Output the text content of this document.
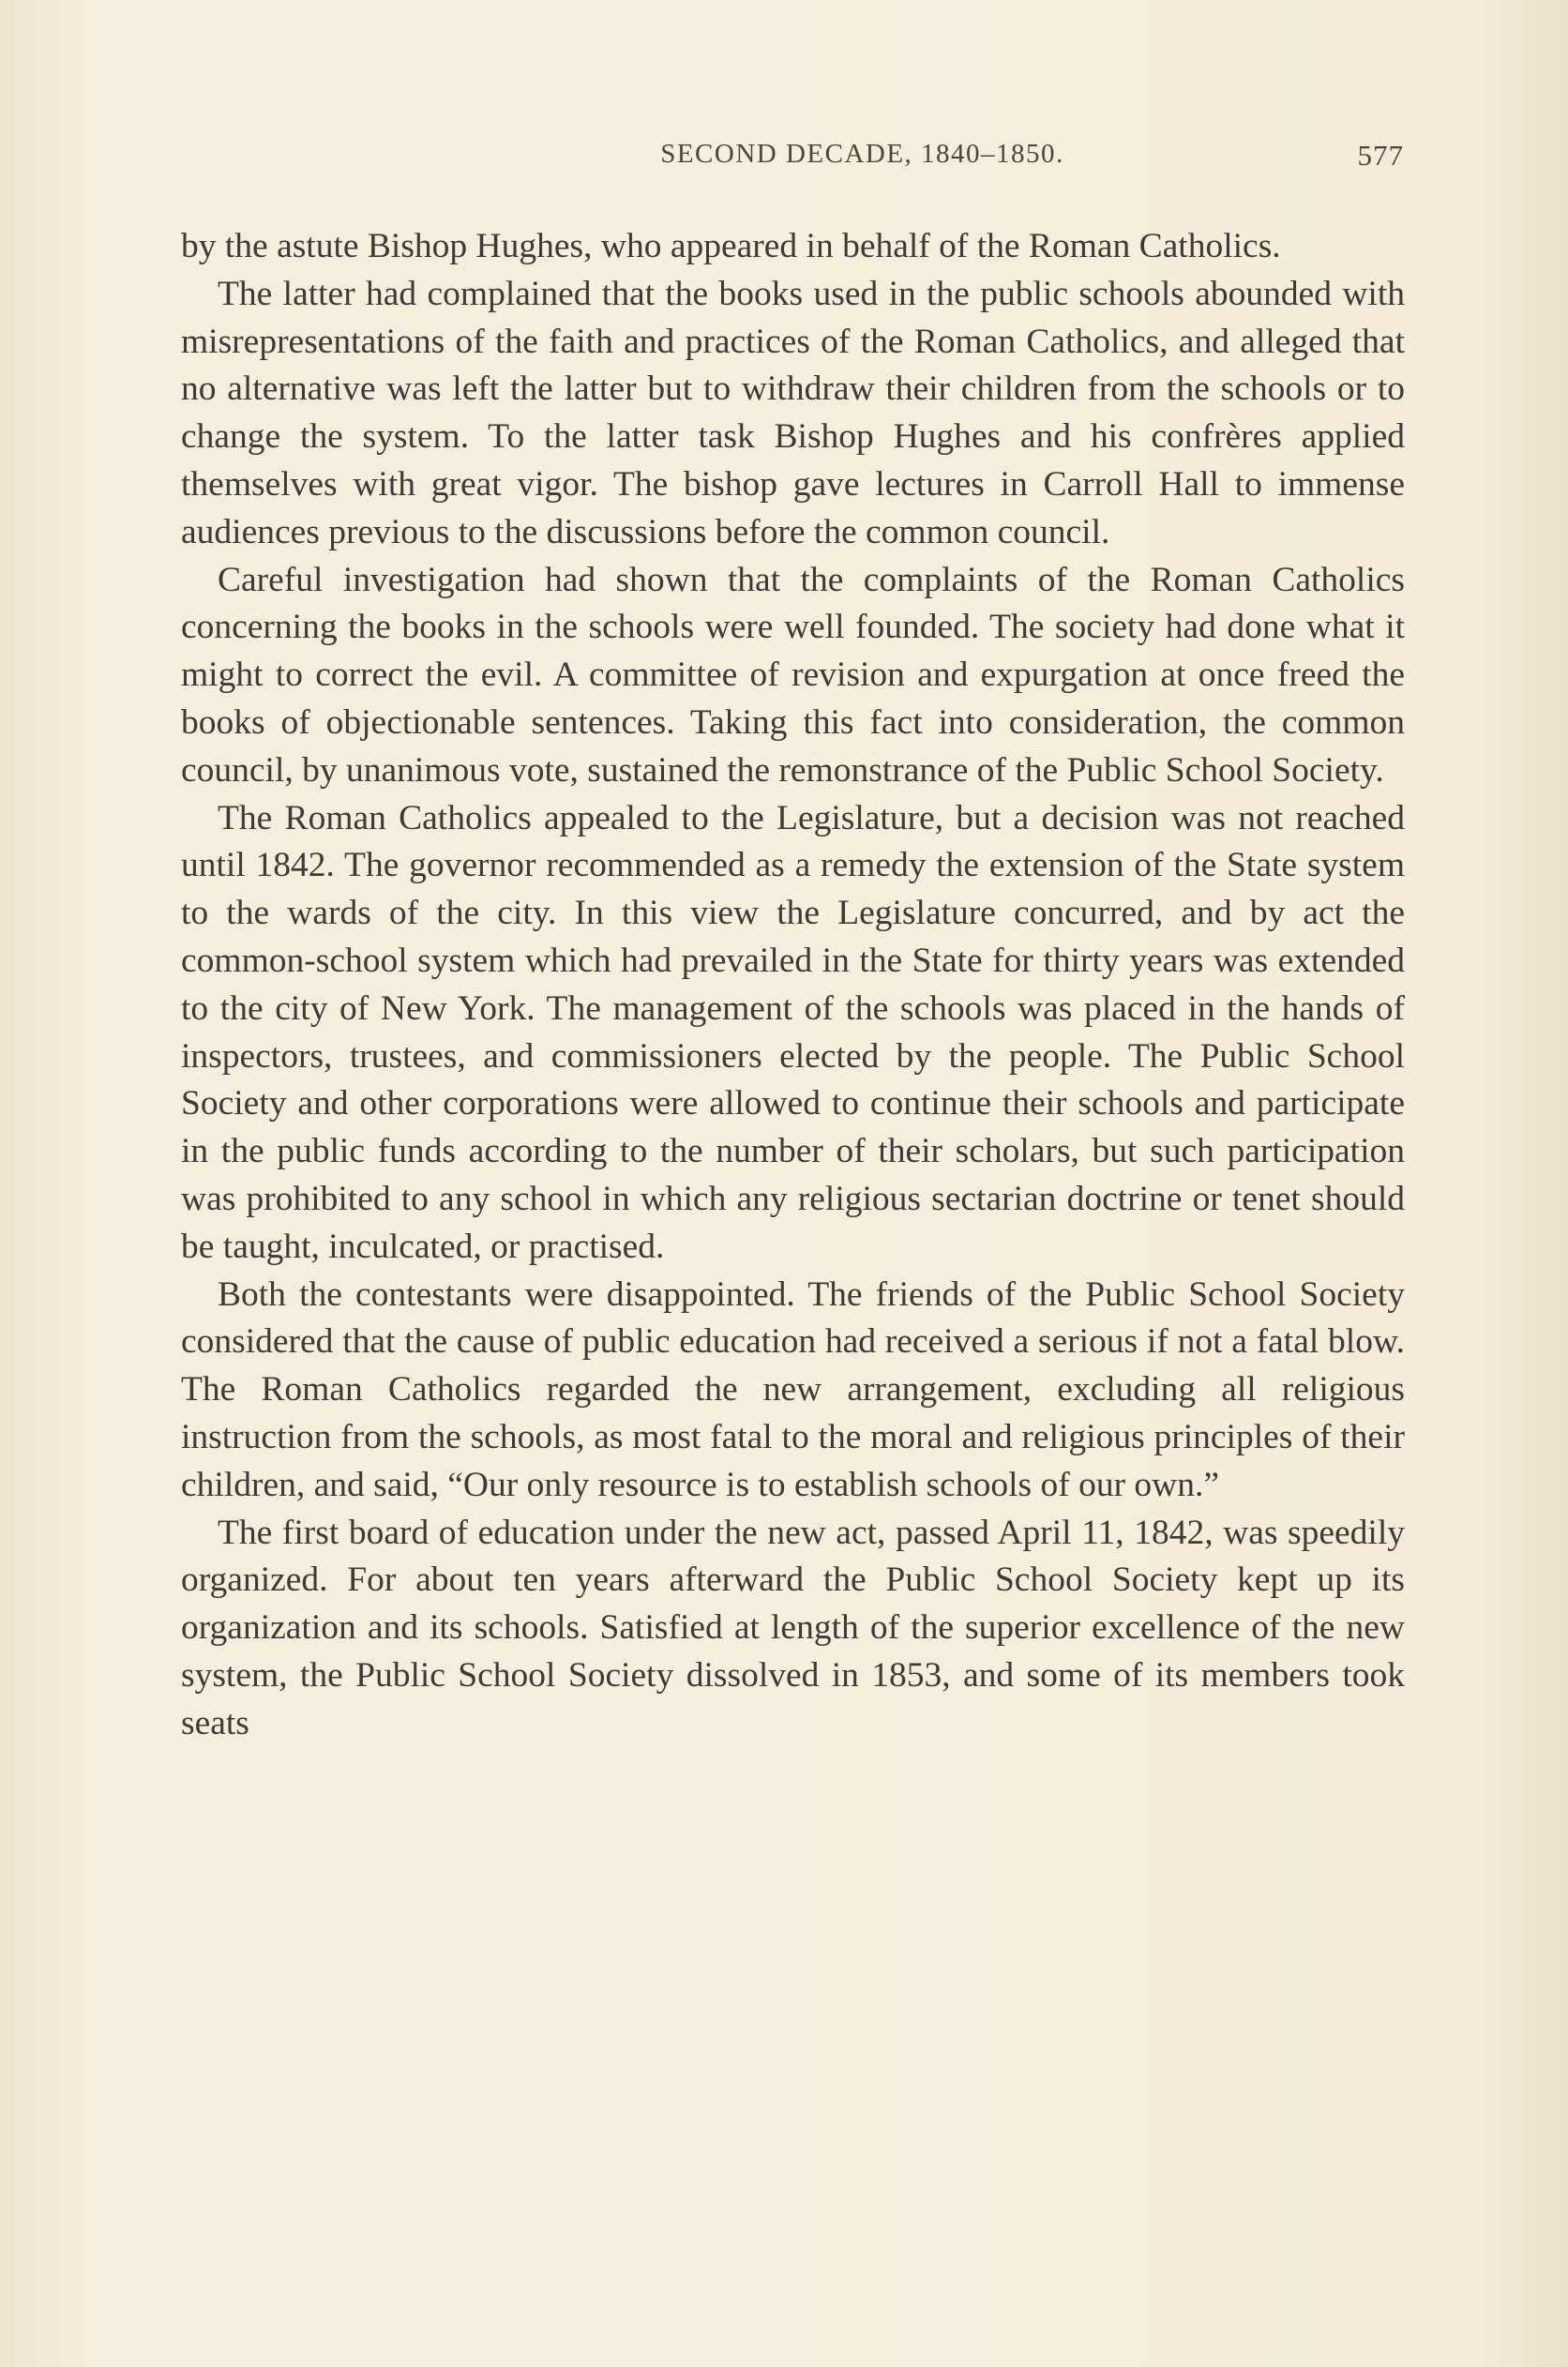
SECOND DECADE, 1840–1850.	577

by the astute Bishop Hughes, who appeared in behalf of the Roman Catholics.

The latter had complained that the books used in the public schools abounded with misrepresentations of the faith and practices of the Roman Catholics, and alleged that no alternative was left the latter but to withdraw their children from the schools or to change the system. To the latter task Bishop Hughes and his confrères applied themselves with great vigor. The bishop gave lectures in Carroll Hall to immense audiences previous to the discussions before the common council.

Careful investigation had shown that the complaints of the Roman Catholics concerning the books in the schools were well founded. The society had done what it might to correct the evil. A committee of revision and expurgation at once freed the books of objectionable sentences. Taking this fact into consideration, the common council, by unanimous vote, sustained the remonstrance of the Public School Society.

The Roman Catholics appealed to the Legislature, but a decision was not reached until 1842. The governor recommended as a remedy the extension of the State system to the wards of the city. In this view the Legislature concurred, and by act the common-school system which had prevailed in the State for thirty years was extended to the city of New York. The management of the schools was placed in the hands of inspectors, trustees, and commissioners elected by the people. The Public School Society and other corporations were allowed to continue their schools and participate in the public funds according to the number of their scholars, but such participation was prohibited to any school in which any religious sectarian doctrine or tenet should be taught, inculcated, or practised.

Both the contestants were disappointed. The friends of the Public School Society considered that the cause of public education had received a serious if not a fatal blow. The Roman Catholics regarded the new arrangement, excluding all religious instruction from the schools, as most fatal to the moral and religious principles of their children, and said, “Our only resource is to establish schools of our own.”

The first board of education under the new act, passed April 11, 1842, was speedily organized. For about ten years afterward the Public School Society kept up its organization and its schools. Satisfied at length of the superior excellence of the new system, the Public School Society dissolved in 1853, and some of its members took seats
